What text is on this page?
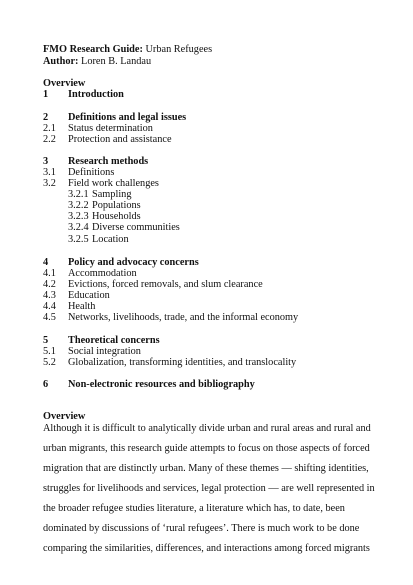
FMO Research Guide: Urban Refugees
Author: Loren B. Landau
Overview
1 Introduction
2 Definitions and legal issues
2.1 Status determination
2.2 Protection and assistance
3 Research methods
3.1 Definitions
3.2 Field work challenges
3.2.1 Sampling
3.2.2 Populations
3.2.3 Households
3.2.4 Diverse communities
3.2.5 Location
4 Policy and advocacy concerns
4.1 Accommodation
4.2 Evictions, forced removals, and slum clearance
4.3 Education
4.4 Health
4.5 Networks, livelihoods, trade, and the informal economy
5 Theoretical concerns
5.1 Social integration
5.2 Globalization, transforming identities, and translocality
6 Non-electronic resources and bibliography
Overview
Although it is difficult to analytically divide urban and rural areas and rural and
urban migrants, this research guide attempts to focus on those aspects of forced
migration that are distinctly urban. Many of these themes — shifting identities,
struggles for livelihoods and services, legal protection — are well represented in
the broader refugee studies literature, a literature which has, to date, been
dominated by discussions of ‘rural refugees’. There is much work to be done
comparing the similarities, differences, and interactions among forced migrants
